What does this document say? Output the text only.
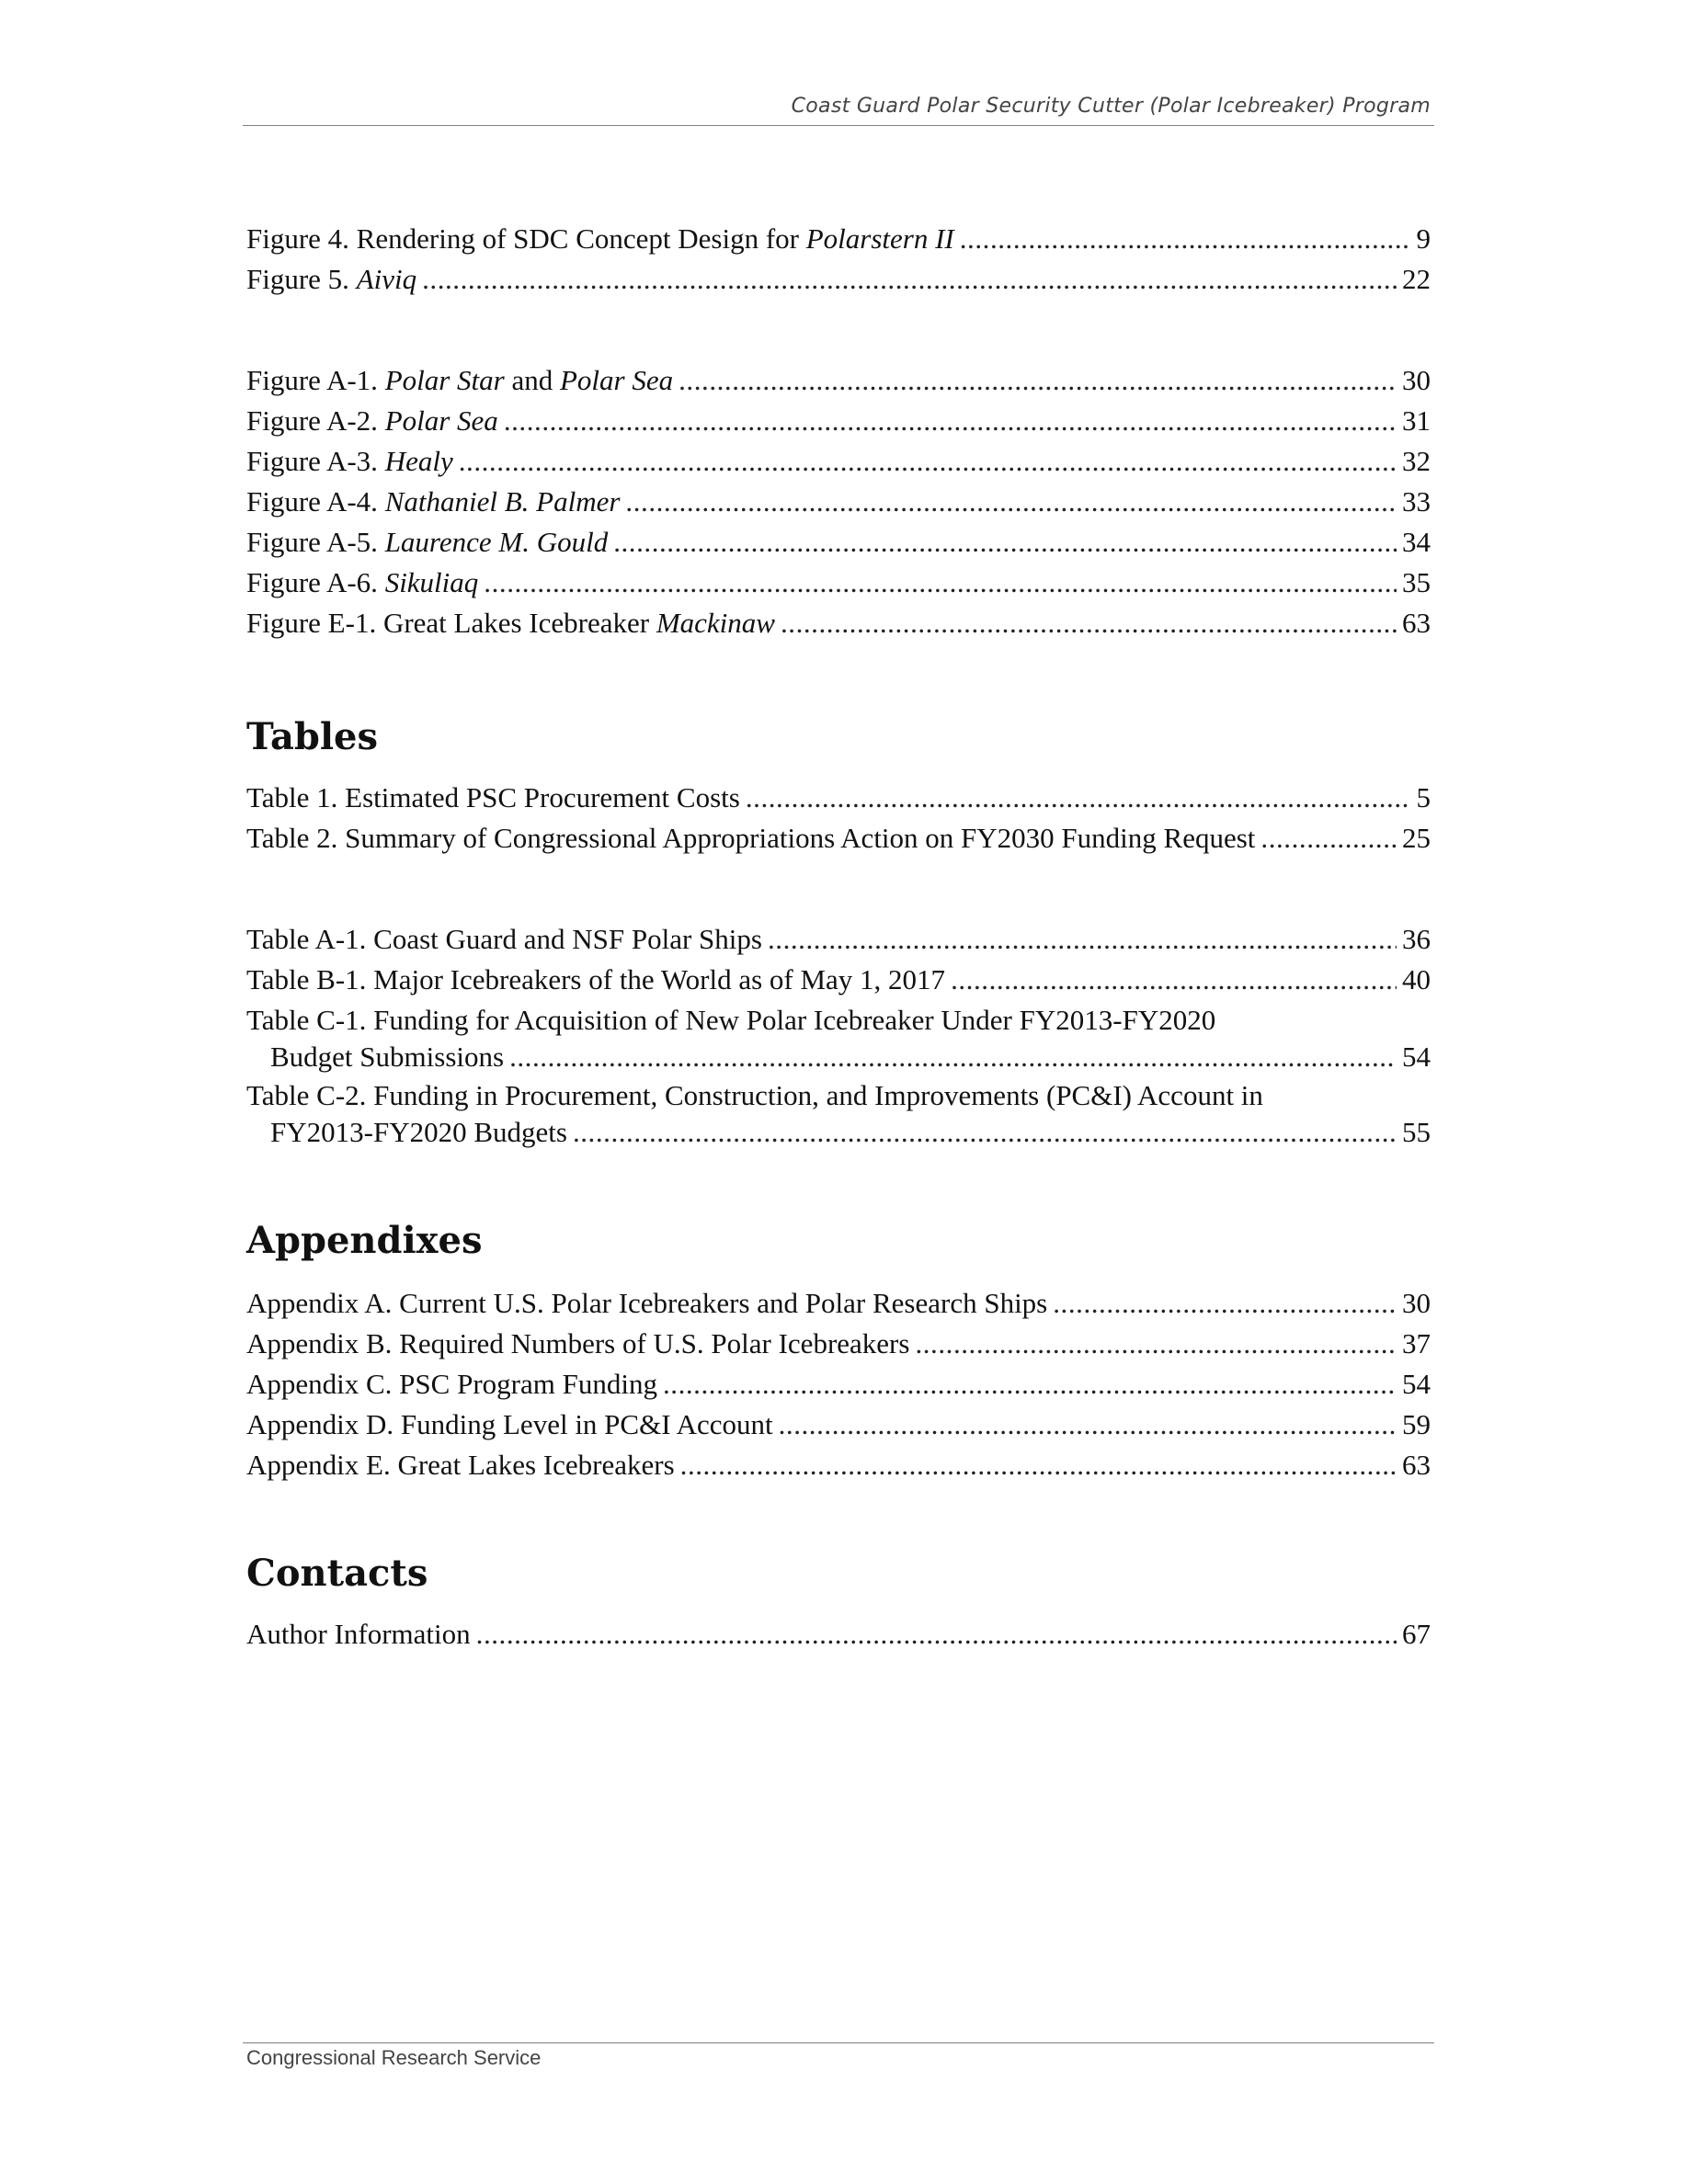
Coast Guard Polar Security Cutter (Polar Icebreaker) Program
Figure 4. Rendering of SDC Concept Design for Polarstern II . . .	9
Figure 5. Aiviq . . .	22
Figure A-1. Polar Star and Polar Sea . . .	30
Figure A-2. Polar Sea . . .	31
Figure A-3. Healy . . .	32
Figure A-4. Nathaniel B. Palmer . . .	33
Figure A-5. Laurence M. Gould . . .	34
Figure A-6. Sikuliaq . . .	35
Figure E-1. Great Lakes Icebreaker Mackinaw . . .	63
Tables
Table 1. Estimated PSC Procurement Costs . . .	5
Table 2. Summary of Congressional Appropriations Action on FY2030 Funding Request . . .	25
Table A-1. Coast Guard and NSF Polar Ships . . .	36
Table B-1. Major Icebreakers of the World as of May 1, 2017 . . .	40
Table C-1. Funding for Acquisition of New Polar Icebreaker Under FY2013-FY2020
Budget Submissions . . .	54
Table C-2. Funding in Procurement, Construction, and Improvements (PC&I) Account in
FY2013-FY2020 Budgets . . .	55
Appendixes
Appendix A. Current U.S. Polar Icebreakers and Polar Research Ships . . .	30
Appendix B. Required Numbers of U.S. Polar Icebreakers . . .	37
Appendix C. PSC Program Funding . . .	54
Appendix D. Funding Level in PC&I Account . . .	59
Appendix E. Great Lakes Icebreakers . . .	63
Contacts
Author Information . . .	67
Congressional Research Service
